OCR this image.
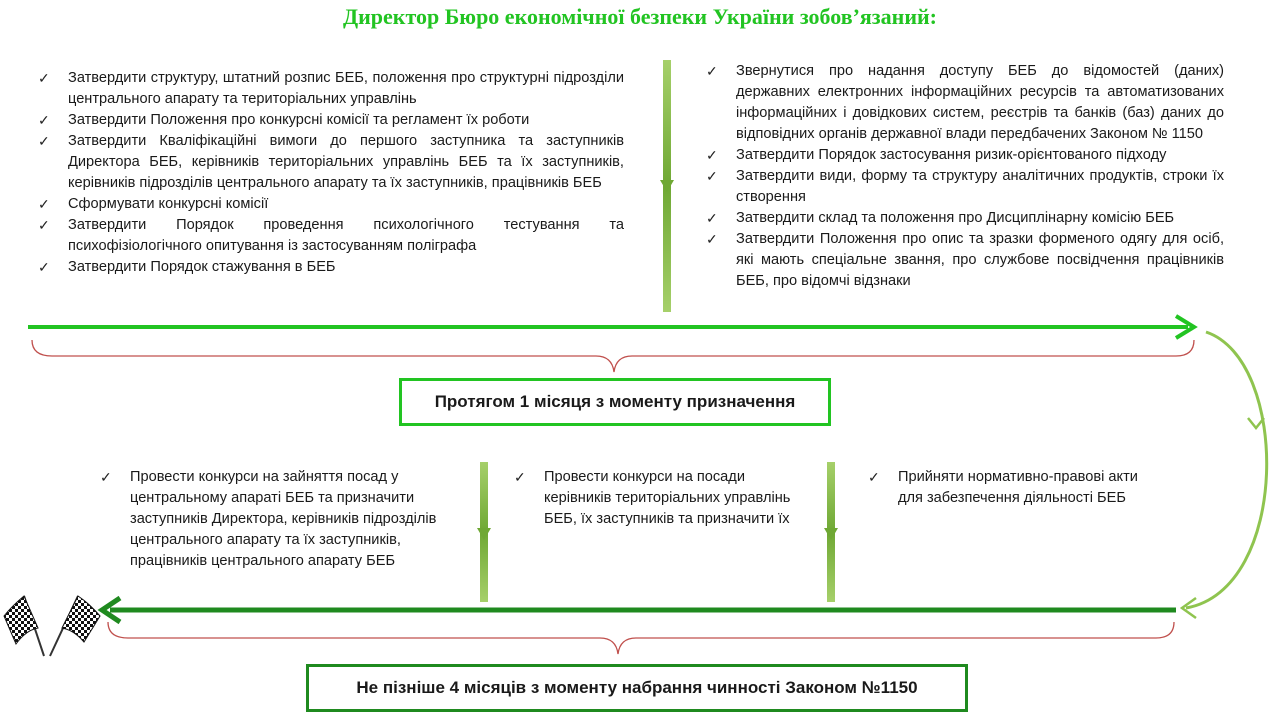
Директор Бюро економічної безпеки України зобов’язаний:
✓ Затвердити структуру, штатний розпис БЕБ, положення про структурні підрозділи центрального апарату та територіальних управлінь
✓ Затвердити Положення про конкурсні комісії та регламент їх роботи
✓ Затвердити Кваліфікаційні вимоги до першого заступника та заступників Директора БЕБ, керівників територіальних управлінь БЕБ та їх заступників, керівників підрозділів центрального апарату та їх заступників, працівників БЕБ
✓ Сформувати конкурсні комісії
✓ Затвердити Порядок проведення психологічного тестування та психофізіологічного опитування із застосуванням поліграфа
✓ Затвердити Порядок стажування в БЕБ
✓ Звернутися про надання доступу БЕБ до відомостей (даних) державних електронних інформаційних ресурсів та автоматизованих інформаційних і довідкових систем, реєстрів та банків (баз) даних до відповідних органів державної влади передбачених Законом № 1150
✓ Затвердити Порядок застосування ризик-орієнтованого підходу
✓ Затвердити види, форму та структуру аналітичних продуктів, строки їх створення
✓ Затвердити склад та положення про Дисциплінарну комісію БЕБ
✓ Затвердити Положення про опис та зразки форменого одягу для осіб, які мають спеціальне звання, про службове посвідчення працівників БЕБ, про відомчі відзнаки
Протягом 1 місяця з моменту призначення
✓ Провести конкурси на зайняття посад у центральному апараті БЕБ та призначити заступників Директора, керівників підрозділів центрального апарату та їх заступників, працівників центрального апарату БЕБ
✓ Провести конкурси на посади керівників територіальних управлінь БЕБ, їх заступників та призначити їх
✓ Прийняти нормативно-правові акти для забезпечення діяльності БЕБ
Не пізніше 4 місяців з моменту набрання чинності Законом №1150
